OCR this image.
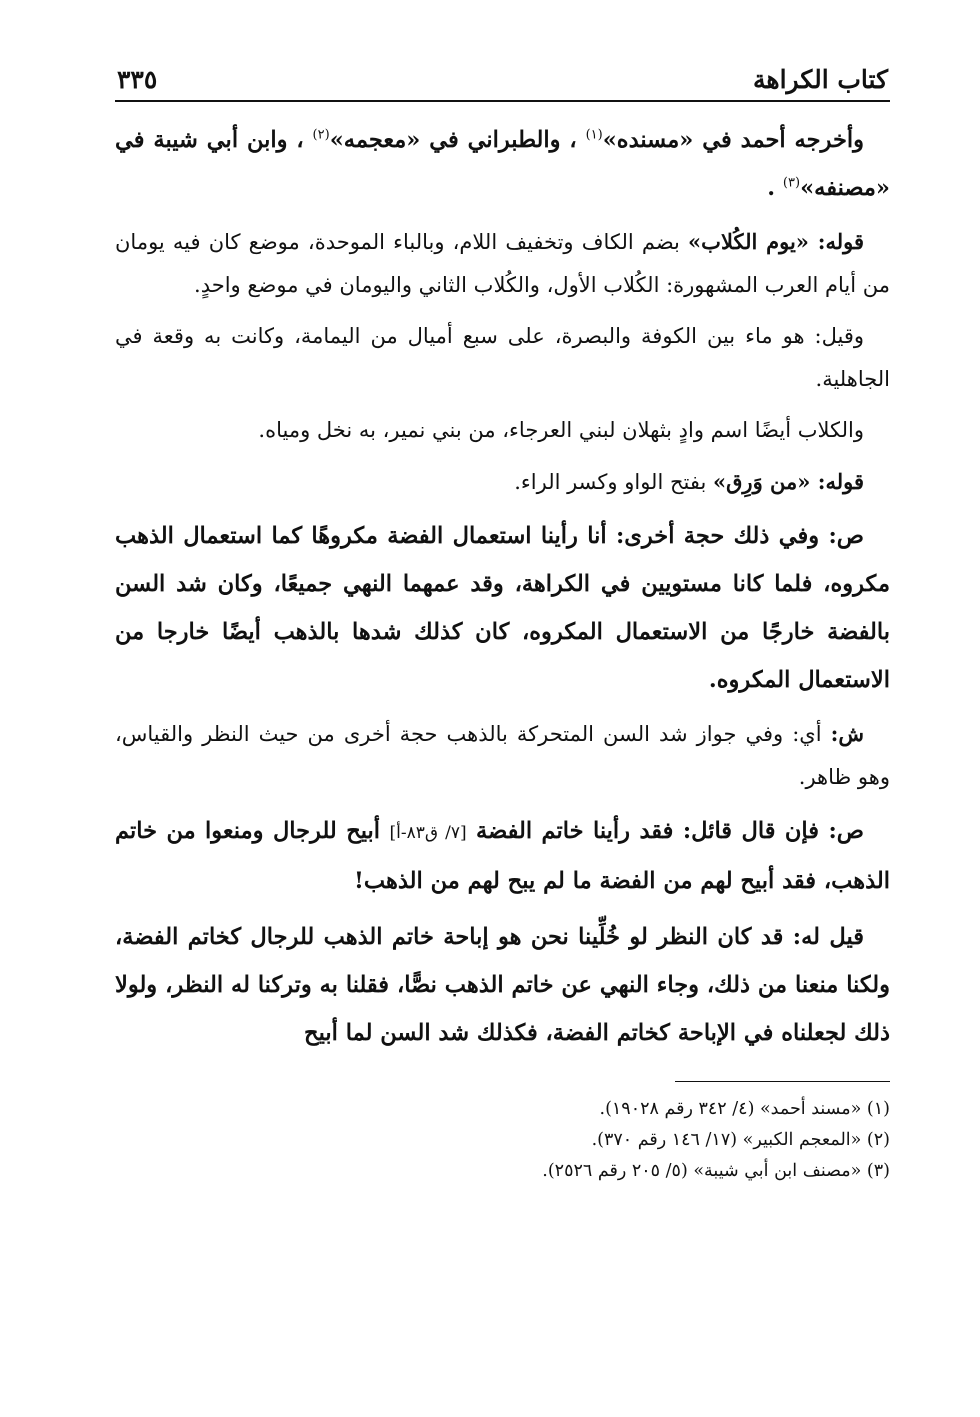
كتاب الكراهة
٣٣٥

وأخرجه أحمد في «مسنده»$^{(١)}$ ، والطبراني في «معجمه»$^{(٢)}$ ، وابن أبي شيبة في «مصنفه»$^{(٣)}$ .

قوله: «يوم الكُلاب» بضم الكاف وتخفيف اللام، وبالباء الموحدة، موضع كان فيه يومان من أيام العرب المشهورة: الكُلاب الأول، والكُلاب الثاني واليومان في موضع واحدٍ.

وقيل: هو ماء بين الكوفة والبصرة، على سبع أميال من اليمامة، وكانت به وقعة في الجاهلية.

والكلاب أيضًا اسم وادٍ بثهلان لبني العرجاء، من بني نمير، به نخل ومياه.

قوله: «من وَرِق» بفتح الواو وكسر الراء.

ص: وفي ذلك حجة أخرى: أنا رأينا استعمال الفضة مكروهًا كما استعمال الذهب مكروه، فلما كانا مستويين في الكراهة، وقد عمهما النهي جميعًا، وكان شد السن بالفضة خارجًا من الاستعمال المكروه، كان كذلك شدها بالذهب أيضًا خارجا من الاستعمال المكروه.

ش: أي: وفي جواز شد السن المتحركة بالذهب حجة أخرى من حيث النظر والقياس، وهو ظاهر.

ص: فإن قال قائل: فقد رأينا خاتم الفضة [٧/ ق٨٣-أ] أبيح للرجال ومنعوا من خاتم الذهب، فقد أبيح لهم من الفضة ما لم يبح لهم من الذهب!

قيل له: قد كان النظر لو خُلِّينا نحن هو إباحة خاتم الذهب للرجال كخاتم الفضة، ولكنا منعنا من ذلك، وجاء النهي عن خاتم الذهب نصًّا، فقلنا به وتركنا له النظر، ولولا ذلك لجعلناه في الإباحة كخاتم الفضة، فكذلك شد السن لما أبيح

(١) «مسند أحمد» (٤/ ٣٤٢ رقم ١٩٠٢٨).

(٢) «المعجم الكبير» (١٧/ ١٤٦ رقم ٣٧٠).

(٣) «مصنف ابن أبي شيبة» (٥/ ٢٠٥ رقم ٢٥٢٦).
